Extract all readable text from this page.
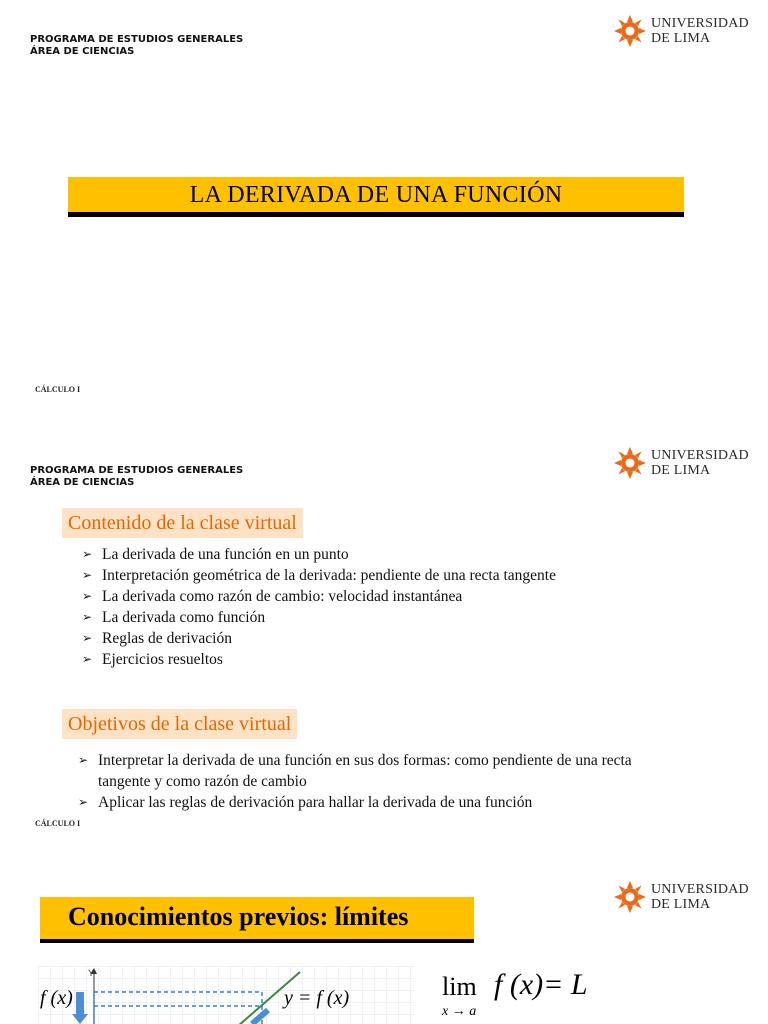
PROGRAMA DE ESTUDIOS GENERALES
ÁREA DE CIENCIAS
UNIVERSIDAD
DE LIMA
LA DERIVADA DE UNA FUNCIÓN
CÁLCULO I
PROGRAMA DE ESTUDIOS GENERALES
ÁREA DE CIENCIAS
UNIVERSIDAD
DE LIMA
Contenido de la clase virtual
➢ La derivada de una función en un punto
➢ Interpretación geométrica de la derivada: pendiente de una recta tangente
➢ La derivada como razón de cambio: velocidad instantánea
➢ La derivada como función
➢ Reglas de derivación
➢ Ejercicios resueltos
Objetivos de la clase virtual
➢ Interpretar la derivada de una función en sus dos formas: como pendiente de una recta tangente y como razón de cambio
➢ Aplicar las reglas de derivación para hallar la derivada de una función
CÁLCULO I
UNIVERSIDAD
DE LIMA
Conocimientos previos: límites
Y
f (x)	y = f (x)	lim
x → a
f (x)= L
